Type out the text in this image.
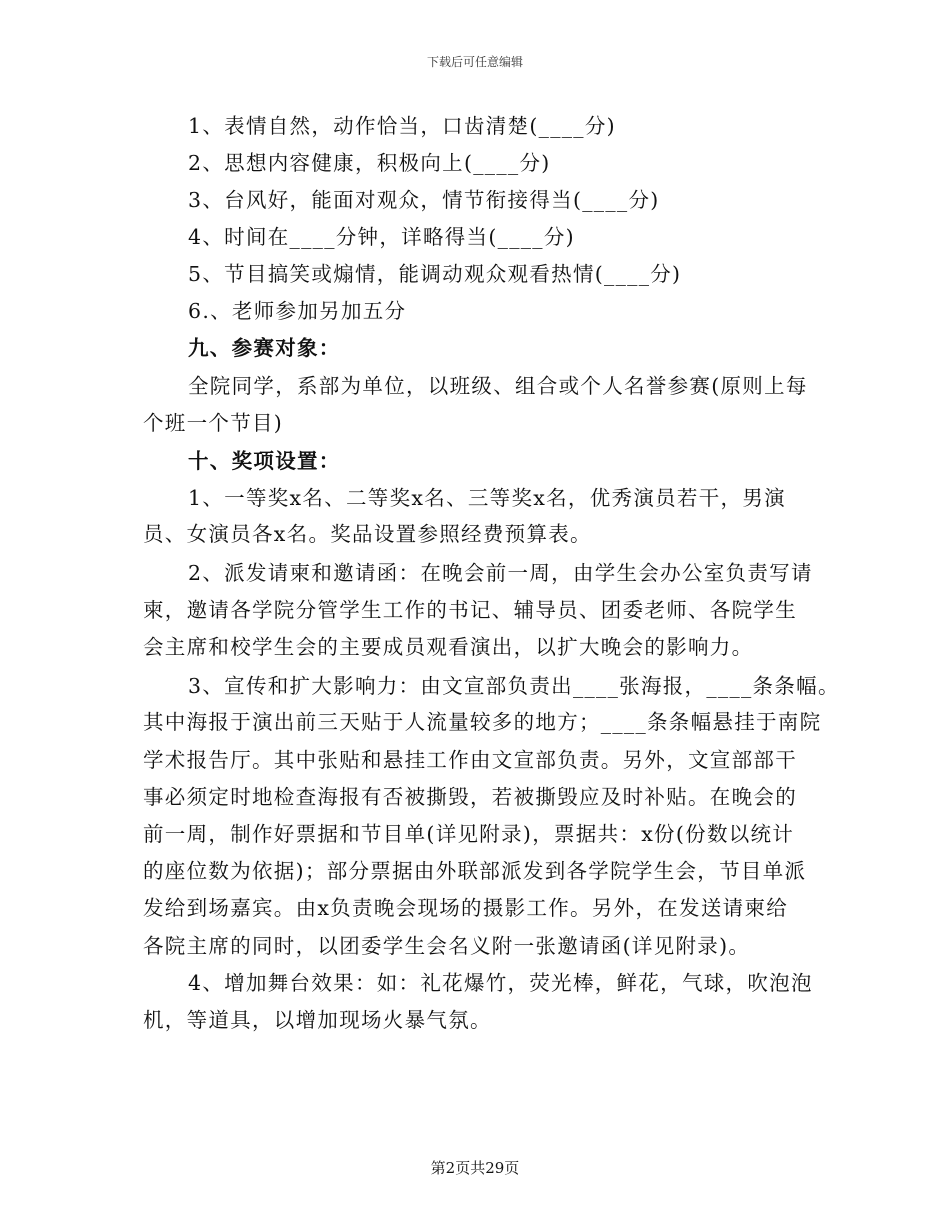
下载后可任意编辑
1、表情自然，动作恰当，口齿清楚(____分)
2、思想内容健康，积极向上(____分)
3、台风好，能面对观众，情节衔接得当(____分)
4、时间在____分钟，详略得当(____分)
5、节目搞笑或煽情，能调动观众观看热情(____分)
6.、老师参加另加五分
九、参赛对象：
全院同学，系部为单位，以班级、组合或个人名誉参赛(原则上每
个班一个节目)
十、奖项设置：
1、一等奖x名、二等奖x名、三等奖x名，优秀演员若干，男演
员、女演员各x名。奖品设置参照经费预算表。
2、派发请柬和邀请函：在晚会前一周，由学生会办公室负责写请
柬，邀请各学院分管学生工作的书记、辅导员、团委老师、各院学生
会主席和校学生会的主要成员观看演出，以扩大晚会的影响力。
3、宣传和扩大影响力：由文宣部负责出____张海报，____条条幅。
其中海报于演出前三天贴于人流量较多的地方；____条条幅悬挂于南院
学术报告厅。其中张贴和悬挂工作由文宣部负责。另外，文宣部部干
事必须定时地检查海报有否被撕毁，若被撕毁应及时补贴。在晚会的
前一周，制作好票据和节目单(详见附录)，票据共：x份(份数以统计
的座位数为依据)；部分票据由外联部派发到各学院学生会，节目单派
发给到场嘉宾。由x负责晚会现场的摄影工作。另外，在发送请柬给
各院主席的同时，以团委学生会名义附一张邀请函(详见附录)。
4、增加舞台效果：如：礼花爆竹，荧光棒，鲜花，气球，吹泡泡
机，等道具，以增加现场火暴气氛。
第2页共29页
